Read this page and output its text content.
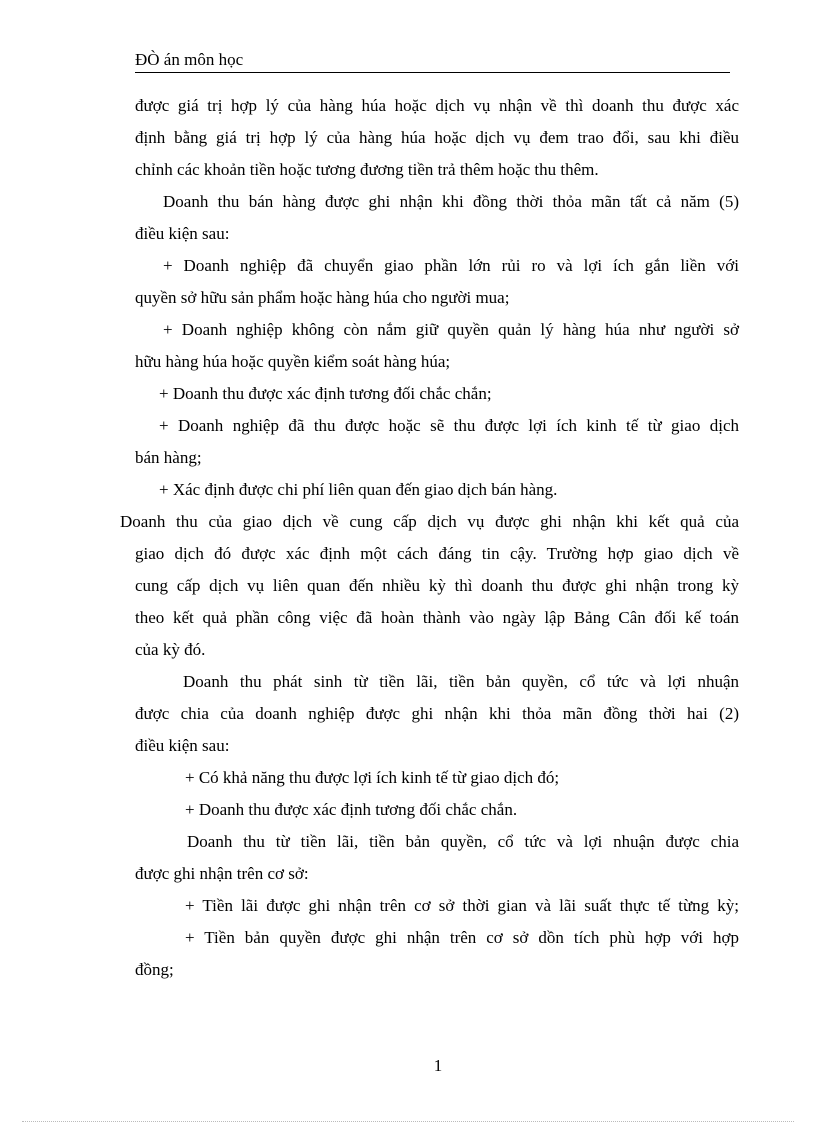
ĐÒ án môn học
được giá trị hợp lý của hàng húa hoặc dịch vụ nhận về thì doanh thu được xác
định bằng giá trị hợp lý của hàng húa hoặc dịch vụ đem trao đổi, sau khi điều
chỉnh các khoản tiền hoặc tương đương tiền trả thêm hoặc thu thêm.
Doanh thu bán hàng được ghi nhận khi đồng thời thỏa mãn tất cả năm (5)
điều kiện sau:
+ Doanh nghiệp đã chuyển giao phần lớn rủi ro và lợi ích gắn liền với
quyền sở hữu sản phẩm hoặc hàng húa cho người mua;
+ Doanh nghiệp không còn nắm giữ quyền quản lý hàng húa như người sở
hữu hàng húa hoặc quyền kiểm soát hàng húa;
+ Doanh thu được xác định tương đối chắc chắn;
+ Doanh nghiệp đã thu được hoặc sẽ thu được lợi ích kinh tế từ giao dịch
bán hàng;
+ Xác định được chi phí liên quan đến giao dịch bán hàng.
Doanh thu của giao dịch về cung cấp dịch vụ được ghi nhận khi kết quả của
giao dịch đó được xác định một cách đáng tin cậy. Trường hợp giao dịch về
cung cấp dịch vụ liên quan đến nhiều kỳ thì doanh thu được ghi nhận trong kỳ
theo kết quả phần công việc đã hoàn thành vào ngày lập Bảng Cân đối kế toán
của kỳ đó.
Doanh thu phát sinh từ tiền lãi, tiền bản quyền, cổ tức và lợi nhuận
được chia của doanh nghiệp được ghi nhận khi thỏa mãn đồng thời hai (2)
điều kiện sau:
+ Có khả năng thu được lợi ích kinh tế từ giao dịch đó;
+ Doanh thu được xác định tương đối chắc chắn.
Doanh thu từ tiền lãi, tiền bản quyền, cổ tức và lợi nhuận được chia
được ghi nhận trên cơ sở:
+ Tiền lãi được ghi nhận trên cơ sở thời gian và lãi suất thực tế từng kỳ;
+ Tiền bản quyền được ghi nhận trên cơ sở dồn tích phù hợp với hợp
đồng;
1
